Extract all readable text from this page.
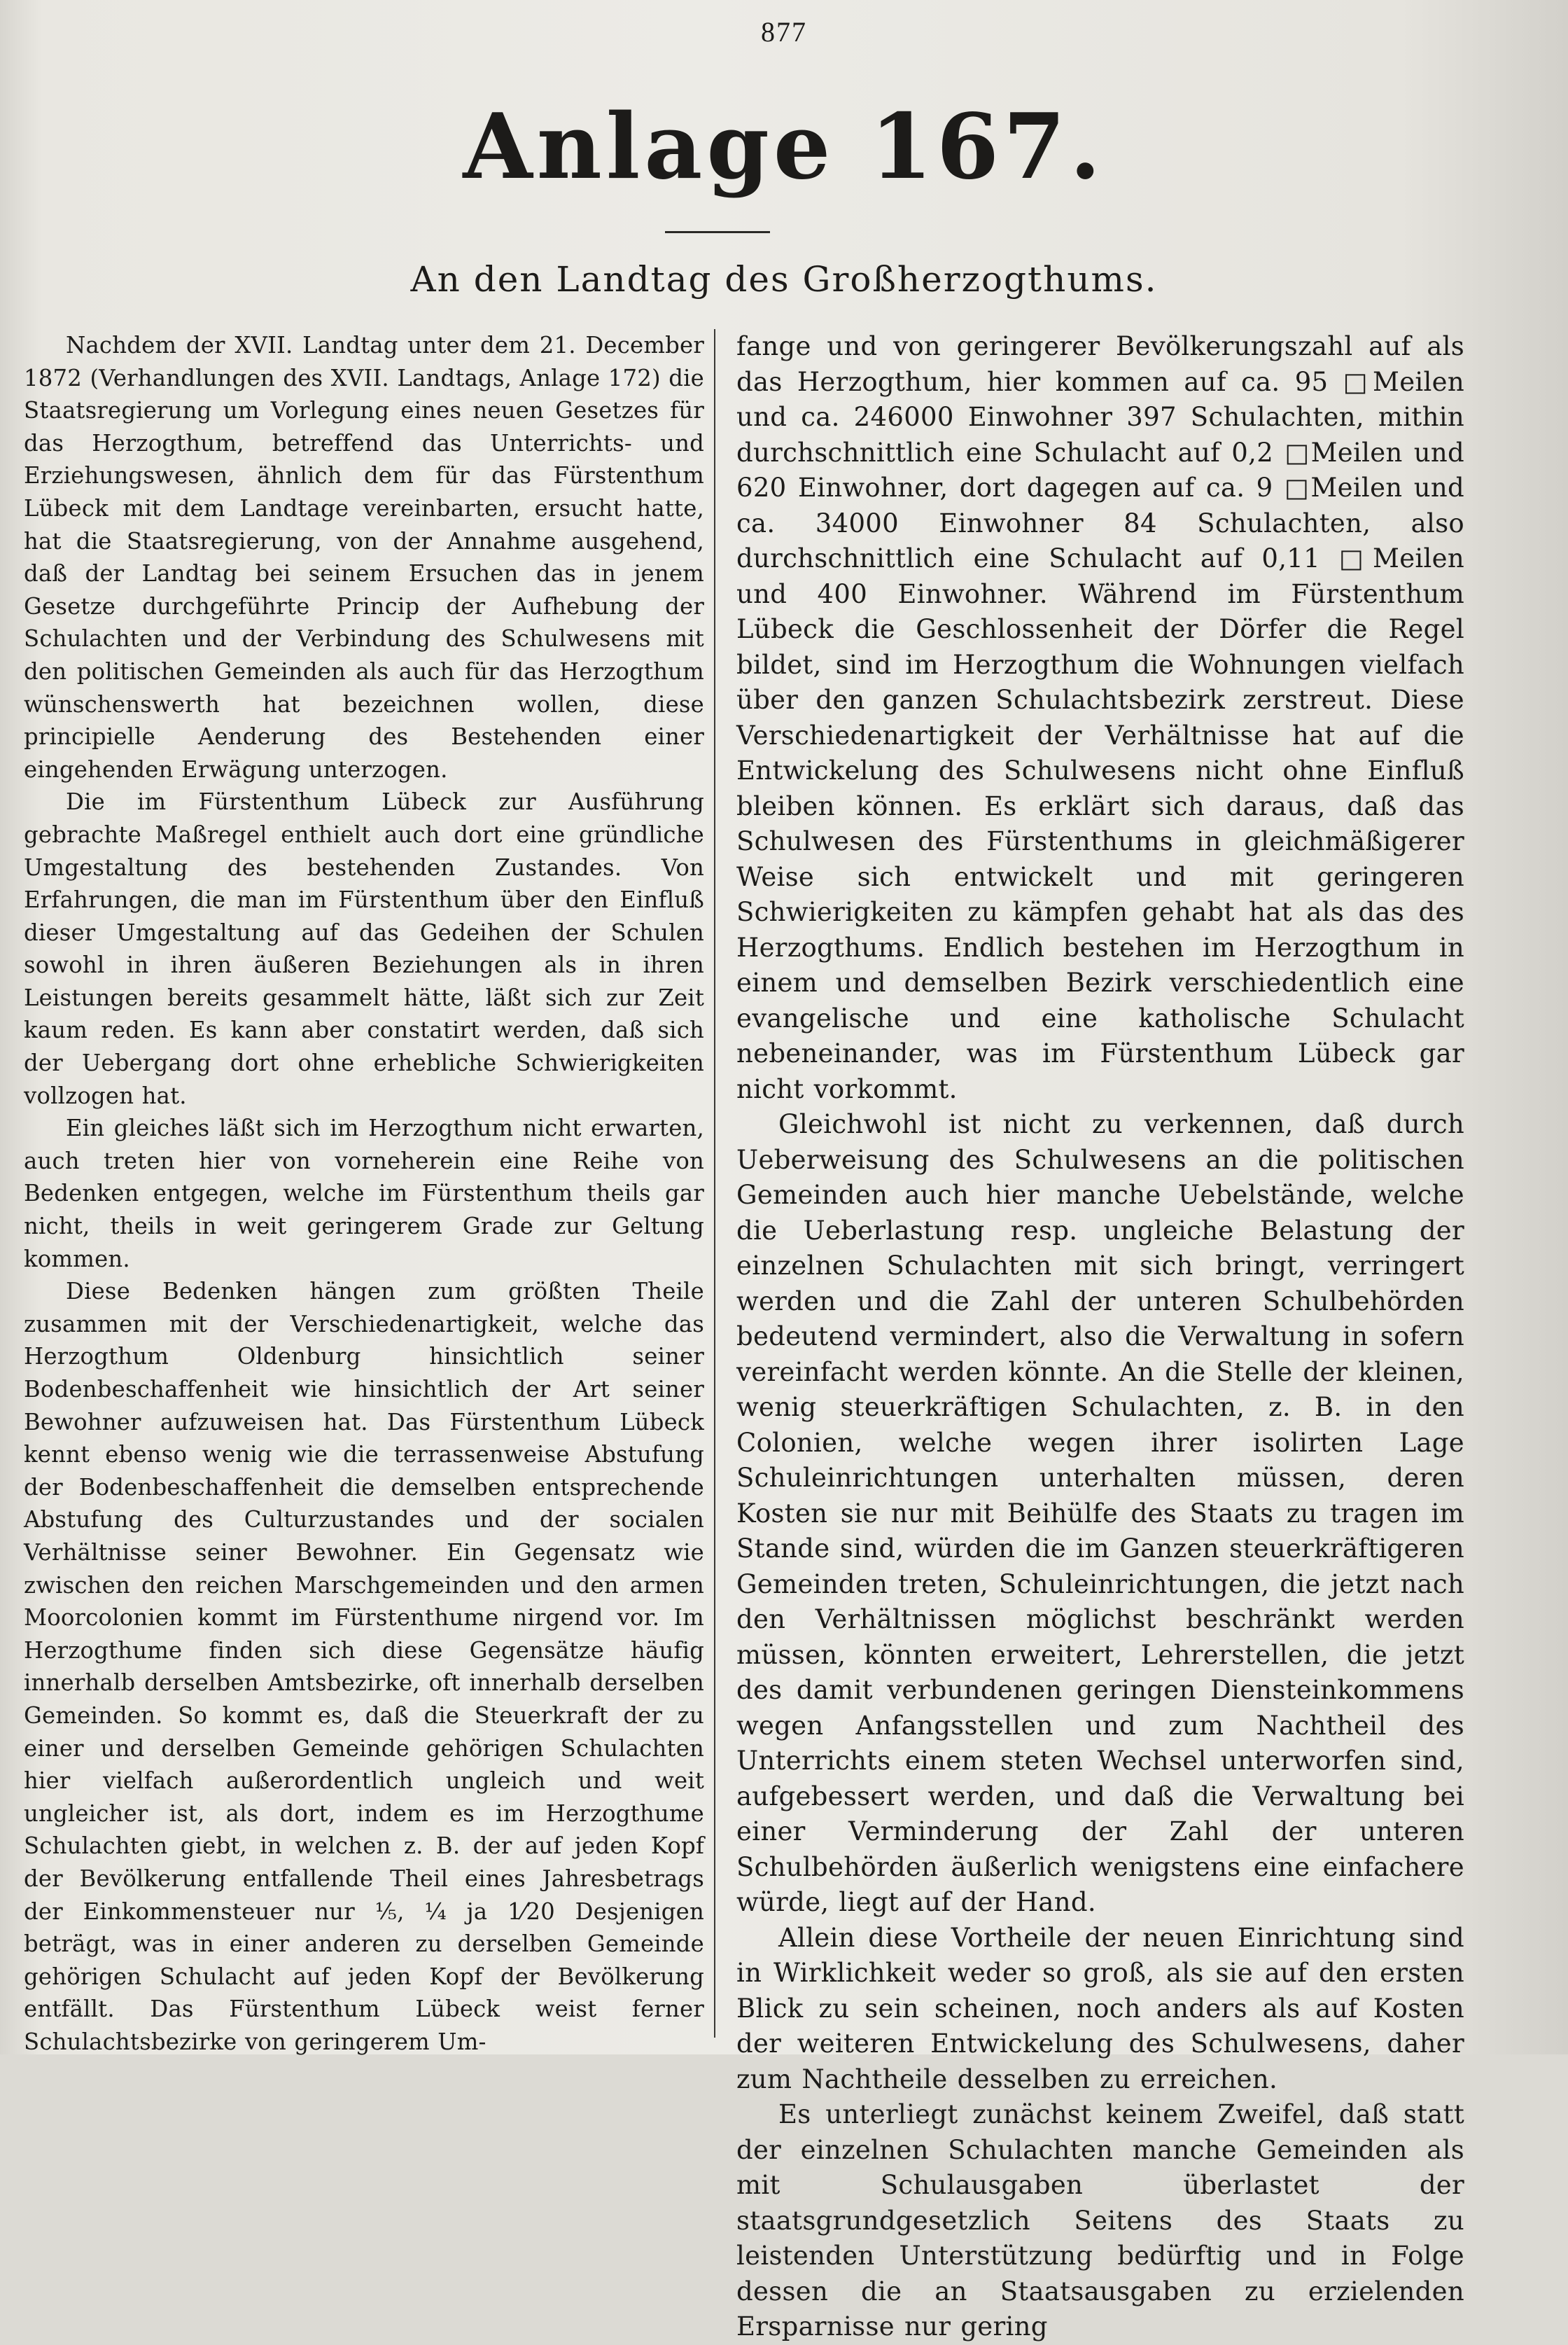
877
Anlage 167.
An den Landtag des Großherzogthums.

Nachdem der XVII. Landtag unter dem 21. December 1872 (Verhandlungen des XVII. Landtags, Anlage 172) die Staatsregierung um Vorlegung eines neuen Gesetzes für das Herzogthum, betreffend das Unterrichts- und Erziehungswesen, ähnlich dem für das Fürstenthum Lübeck mit dem Landtage vereinbarten, ersucht hatte, hat die Staatsregierung, von der Annahme ausgehend, daß der Landtag bei seinem Ersuchen das in jenem Gesetze durchgeführte Princip der Aufhebung der Schulachten und der Verbindung des Schulwesens mit den politischen Gemeinden als auch für das Herzogthum wünschenswerth hat bezeichnen wollen, diese principielle Aenderung des Bestehenden einer eingehenden Erwägung unterzogen.

Die im Fürstenthum Lübeck zur Ausführung gebrachte Maßregel enthielt auch dort eine gründliche Umgestaltung des bestehenden Zustandes. Von Erfahrungen, die man im Fürstenthum über den Einfluß dieser Umgestaltung auf das Gedeihen der Schulen sowohl in ihren äußeren Beziehungen als in ihren Leistungen bereits gesammelt hätte, läßt sich zur Zeit kaum reden. Es kann aber constatirt werden, daß sich der Uebergang dort ohne erhebliche Schwierigkeiten vollzogen hat.

Ein gleiches läßt sich im Herzogthum nicht erwarten, auch treten hier von vorneherein eine Reihe von Bedenken entgegen, welche im Fürstenthum theils gar nicht, theils in weit geringerem Grade zur Geltung kommen.

Diese Bedenken hängen zum größten Theile zusammen mit der Verschiedenartigkeit, welche das Herzogthum Oldenburg hinsichtlich seiner Bodenbeschaffenheit wie hinsichtlich der Art seiner Bewohner aufzuweisen hat. Das Fürstenthum Lübeck kennt ebenso wenig wie die terrassenweise Abstufung der Bodenbeschaffenheit die demselben entsprechende Abstufung des Culturzustandes und der socialen Verhältnisse seiner Bewohner. Ein Gegensatz wie zwischen den reichen Marschgemeinden und den armen Moorcolonien kommt im Fürstenthume nirgend vor. Im Herzogthume finden sich diese Gegensätze häufig innerhalb derselben Amtsbezirke, oft innerhalb derselben Gemeinden. So kommt es, daß die Steuerkraft der zu einer und derselben Gemeinde gehörigen Schulachten hier vielfach außerordentlich ungleich und weit ungleicher ist, als dort, indem es im Herzogthume Schulachten giebt, in welchen z. B. der auf jeden Kopf der Bevölkerung entfallende Theil eines Jahresbetrags der Einkommensteuer nur ⅕, ¼ ja 1⁄20 Desjenigen beträgt, was in einer anderen zu derselben Gemeinde gehörigen Schulacht auf jeden Kopf der Bevölkerung entfällt. Das Fürstenthum Lübeck weist ferner Schulachtsbezirke von geringerem Um-

fange und von geringerer Bevölkerungszahl auf als das Herzogthum, hier kommen auf ca. 95 □Meilen und ca. 246000 Einwohner 397 Schulachten, mithin durchschnittlich eine Schulacht auf 0,2 □Meilen und 620 Einwohner, dort dagegen auf ca. 9 □Meilen und ca. 34000 Einwohner 84 Schulachten, also durchschnittlich eine Schulacht auf 0,11 □Meilen und 400 Einwohner. Während im Fürstenthum Lübeck die Geschlossenheit der Dörfer die Regel bildet, sind im Herzogthum die Wohnungen vielfach über den ganzen Schulachtsbezirk zerstreut. Diese Verschiedenartigkeit der Verhältnisse hat auf die Entwickelung des Schulwesens nicht ohne Einfluß bleiben können. Es erklärt sich daraus, daß das Schulwesen des Fürstenthums in gleichmäßigerer Weise sich entwickelt und mit geringeren Schwierigkeiten zu kämpfen gehabt hat als das des Herzogthums. Endlich bestehen im Herzogthum in einem und demselben Bezirk verschiedentlich eine evangelische und eine katholische Schulacht nebeneinander, was im Fürstenthum Lübeck gar nicht vorkommt.

Gleichwohl ist nicht zu verkennen, daß durch Ueberweisung des Schulwesens an die politischen Gemeinden auch hier manche Uebelstände, welche die Ueberlastung resp. ungleiche Belastung der einzelnen Schulachten mit sich bringt, verringert werden und die Zahl der unteren Schulbehörden bedeutend vermindert, also die Verwaltung in sofern vereinfacht werden könnte. An die Stelle der kleinen, wenig steuerkräftigen Schulachten, z. B. in den Colonien, welche wegen ihrer isolirten Lage Schuleinrichtungen unterhalten müssen, deren Kosten sie nur mit Beihülfe des Staats zu tragen im Stande sind, würden die im Ganzen steuerkräftigeren Gemeinden treten, Schuleinrichtungen, die jetzt nach den Verhältnissen möglichst beschränkt werden müssen, könnten erweitert, Lehrerstellen, die jetzt des damit verbundenen geringen Diensteinkommens wegen Anfangsstellen und zum Nachtheil des Unterrichts einem steten Wechsel unterworfen sind, aufgebessert werden, und daß die Verwaltung bei einer Verminderung der Zahl der unteren Schulbehörden äußerlich wenigstens eine einfachere würde, liegt auf der Hand.

Allein diese Vortheile der neuen Einrichtung sind in Wirklichkeit weder so groß, als sie auf den ersten Blick zu sein scheinen, noch anders als auf Kosten der weiteren Entwickelung des Schulwesens, daher zum Nachtheile desselben zu erreichen.

Es unterliegt zunächst keinem Zweifel, daß statt der einzelnen Schulachten manche Gemeinden als mit Schulausgaben überlastet der staatsgrundgesetzlich Seitens des Staats zu leistenden Unterstützung bedürftig und in Folge dessen die an Staatsausgaben zu erzielenden Ersparnisse nur gering
